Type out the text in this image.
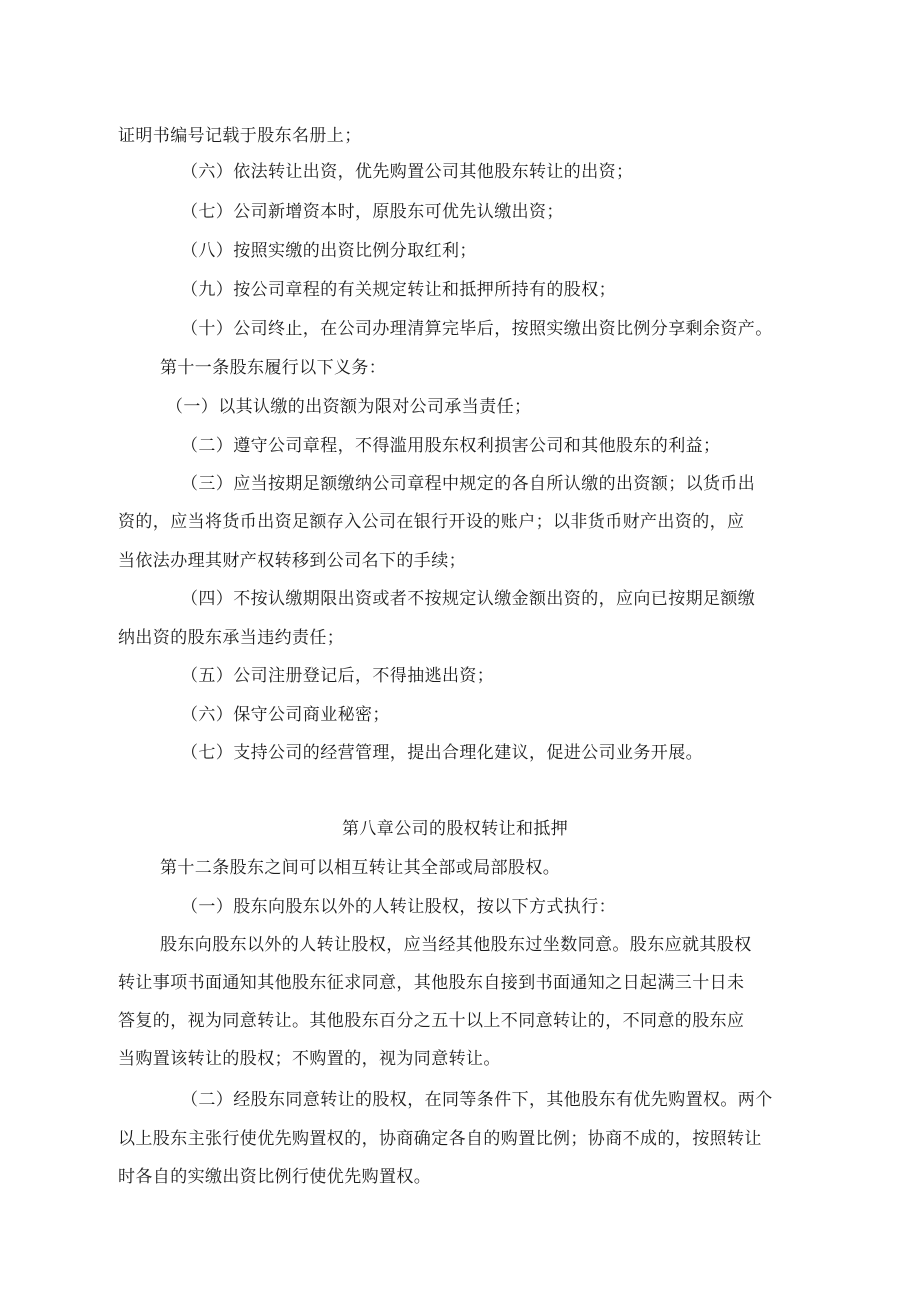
证明书编号记载于股东名册上；
（六）依法转让出资，优先购置公司其他股东转让的出资；
（七）公司新增资本时，原股东可优先认缴出资；
（八）按照实缴的出资比例分取红利；
（九）按公司章程的有关规定转让和抵押所持有的股权；
（十）公司终止，在公司办理清算完毕后，按照实缴出资比例分享剩余资产。
第十一条股东履行以下义务：
（一）以其认缴的出资额为限对公司承当责任；
（二）遵守公司章程，不得滥用股东权利损害公司和其他股东的利益；
（三）应当按期足额缴纳公司章程中规定的各自所认缴的出资额；以货币出
资的，应当将货币出资足额存入公司在银行开设的账户；以非货币财产出资的，应
当依法办理其财产权转移到公司名下的手续；
（四）不按认缴期限出资或者不按规定认缴金额出资的，应向已按期足额缴
纳出资的股东承当违约责任；
（五）公司注册登记后，不得抽逃出资；
（六）保守公司商业秘密；
（七）支持公司的经营管理，提出合理化建议，促进公司业务开展。
第八章公司的股权转让和抵押
第十二条股东之间可以相互转让其全部或局部股权。
（一）股东向股东以外的人转让股权，按以下方式执行：
股东向股东以外的人转让股权，应当经其他股东过坐数同意。股东应就其股权
转让事项书面通知其他股东征求同意，其他股东自接到书面通知之日起满三十日未
答复的，视为同意转让。其他股东百分之五十以上不同意转让的，不同意的股东应
当购置该转让的股权；不购置的，视为同意转让。
（二）经股东同意转让的股权，在同等条件下，其他股东有优先购置权。两个
以上股东主张行使优先购置权的，协商确定各自的购置比例；协商不成的，按照转让
时各自的实缴出资比例行使优先购置权。
